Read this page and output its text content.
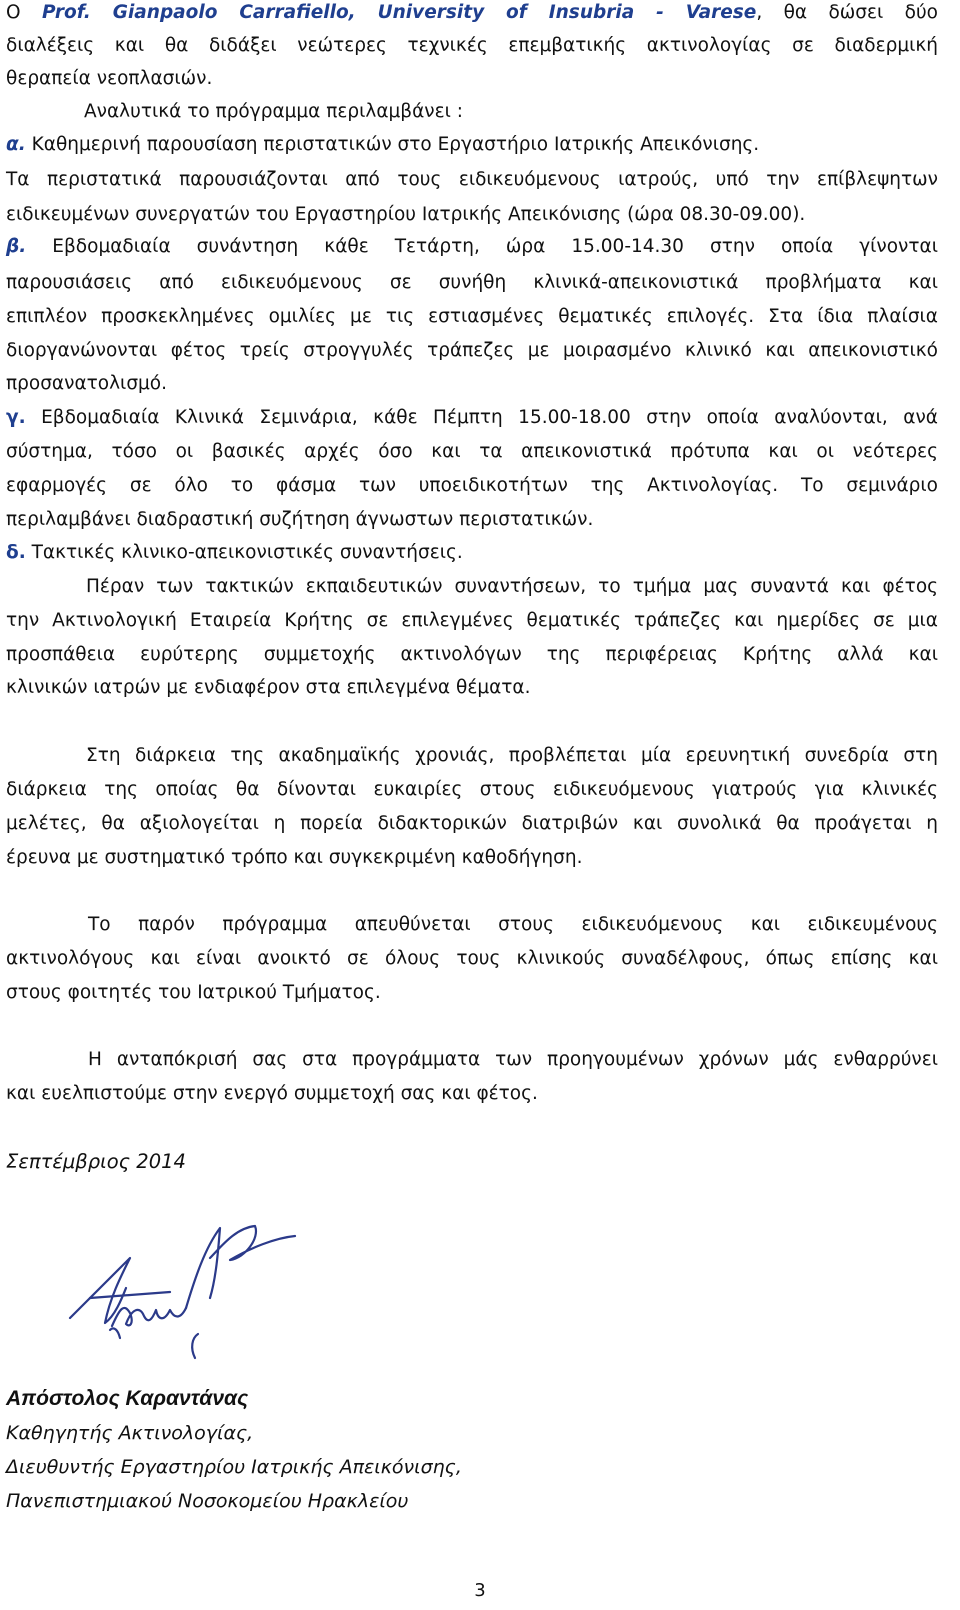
Ο Prof. Gianpaolo Carrafiello, University of Insubria - Varese, θα δώσει δύο
διαλέξεις και θα διδάξει νεώτερες τεχνικές επεμβατικής ακτινολογίας σε διαδερμική
θεραπεία νεοπλασιών.
Αναλυτικά το πρόγραμμα περιλαμβάνει :
α. Καθημερινή παρουσίαση περιστατικών στο Εργαστήριο Ιατρικής Απεικόνισης.
Τα περιστατικά παρουσιάζονται από τους ειδικευόμενους ιατρούς, υπό την επίβλεψητων
ειδικευμένων συνεργατών του Εργαστηρίου Ιατρικής Απεικόνισης (ώρα 08.30-09.00).
β. Εβδομαδιαία συνάντηση κάθε Τετάρτη, ώρα 15.00-14.30 στην οποία γίνονται
παρουσιάσεις από ειδικευόμενους σε συνήθη κλινικά-απεικονιστικά προβλήματα και
επιπλέον προσκεκλημένες ομιλίες με τις εστιασμένες θεματικές επιλογές. Στα ίδια πλαίσια
διοργανώνονται φέτος τρείς στρογγυλές τράπεζες με μοιρασμένο κλινικό και απεικονιστικό
προσανατολισμό.
γ. Εβδομαδιαία Κλινικά Σεμινάρια, κάθε Πέμπτη 15.00-18.00 στην οποία αναλύονται, ανά
σύστημα, τόσο οι βασικές αρχές όσο και τα απεικονιστικά πρότυπα και οι νεότερες
εφαρμογές σε όλο το φάσμα των υποειδικοτήτων της Ακτινολογίας. Το σεμινάριο
περιλαμβάνει διαδραστική συζήτηση άγνωστων περιστατικών.
δ. Τακτικές κλινικο-απεικονιστικές συναντήσεις.
Πέραν των τακτικών εκπαιδευτικών συναντήσεων, το τμήμα μας συναντά και φέτος
την Ακτινολογική Εταιρεία Κρήτης σε επιλεγμένες θεματικές τράπεζες και ημερίδες σε μια
προσπάθεια ευρύτερης συμμετοχής ακτινολόγων της περιφέρειας Κρήτης αλλά και
κλινικών ιατρών με ενδιαφέρον στα επιλεγμένα θέματα.
Στη διάρκεια της ακαδημαϊκής χρονιάς, προβλέπεται μία ερευνητική συνεδρία στη
διάρκεια της οποίας θα δίνονται ευκαιρίες στους ειδικευόμενους γιατρούς για κλινικές
μελέτες, θα αξιολογείται η πορεία διδακτορικών διατριβών και συνολικά θα προάγεται η
έρευνα με συστηματικό τρόπο και συγκεκριμένη καθοδήγηση.
Το παρόν πρόγραμμα απευθύνεται στους ειδικευόμενους και ειδικευμένους
ακτινολόγους και είναι ανοικτό σε όλους τους κλινικούς συναδέλφους, όπως επίσης και
στους φοιτητές του Ιατρικού Τμήματος.
Η ανταπόκρισή σας στα προγράμματα των προηγουμένων χρόνων μάς ενθαρρύνει
και ευελπιστούμε στην ενεργό συμμετοχή σας και φέτος.
Σεπτέμβριος 2014
Απόστολος Καραντάνας
Καθηγητής Ακτινολογίας,
Διευθυντής Εργαστηρίου Ιατρικής Απεικόνισης,
Πανεπιστημιακού Νοσοκομείου Ηρακλείου
3
